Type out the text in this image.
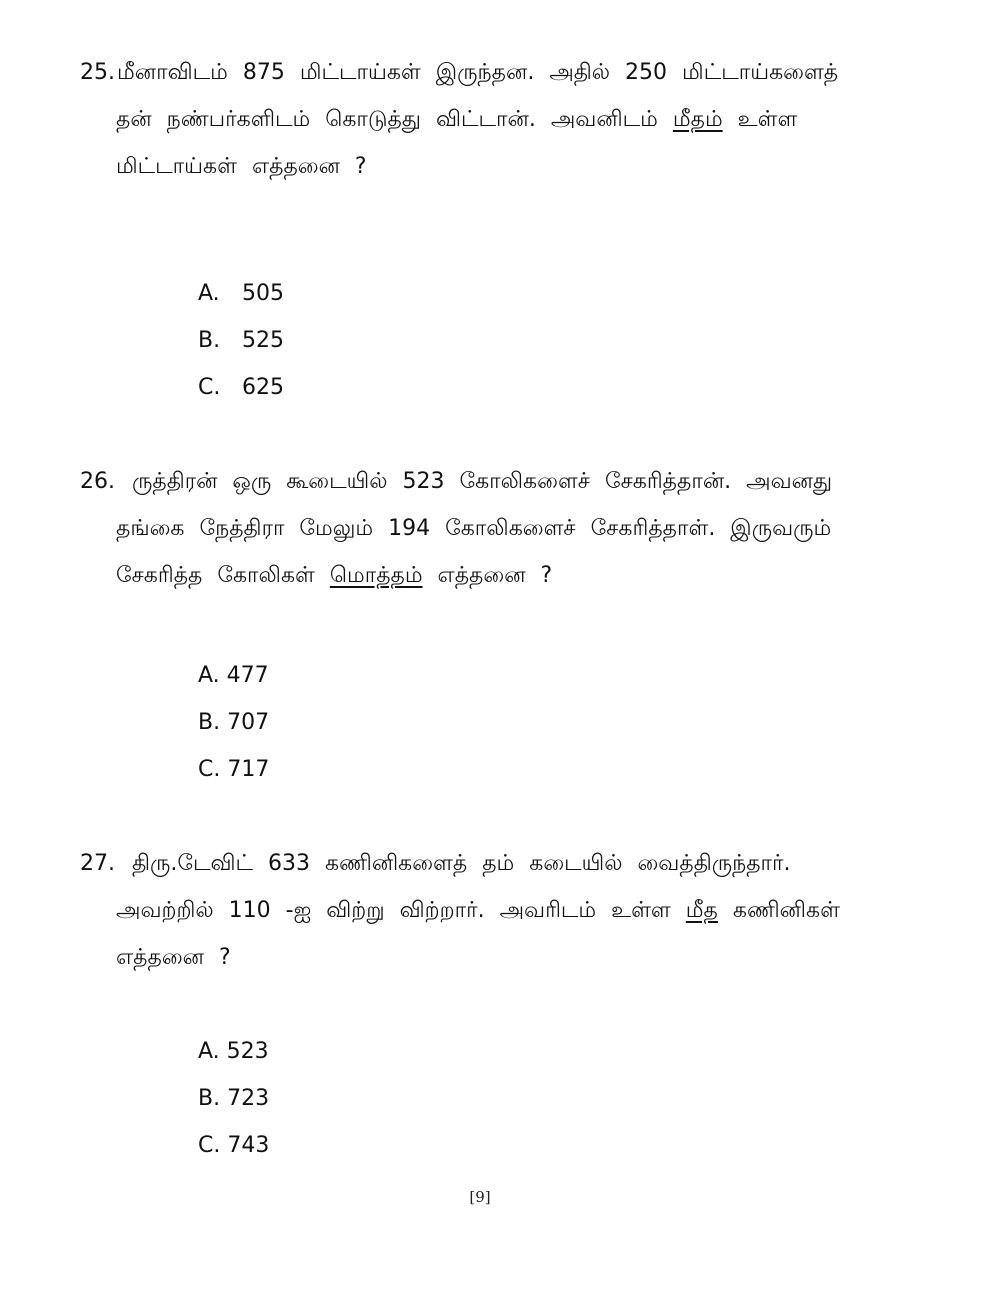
25.மீனாவிடம் 875 மிட்டாய்கள் இருந்தன. அதில் 250 மிட்டாய்களைத்
தன் நண்பர்களிடம் கொடுத்து விட்டான். அவனிடம் மீதம் உள்ள
மிட்டாய்கள் எத்தனை ?
A. 505
B. 525
C. 625
26. ருத்திரன் ஒரு கூடையில் 523 கோலிகளைச் சேகரித்தான். அவனது
தங்கை நேத்திரா மேலும் 194 கோலிகளைச் சேகரித்தாள். இருவரும்
சேகரித்த கோலிகள் மொத்தம் எத்தனை ?
A. 477
B. 707
C. 717
27. திரு.டேவிட் 633 கணினிகளைத் தம் கடையில் வைத்திருந்தார்.
அவற்றில் 110 -ஐ விற்று விற்றார். அவரிடம் உள்ள மீத கணினிகள்
எத்தனை ?
A. 523
B. 723
C. 743
[9]
